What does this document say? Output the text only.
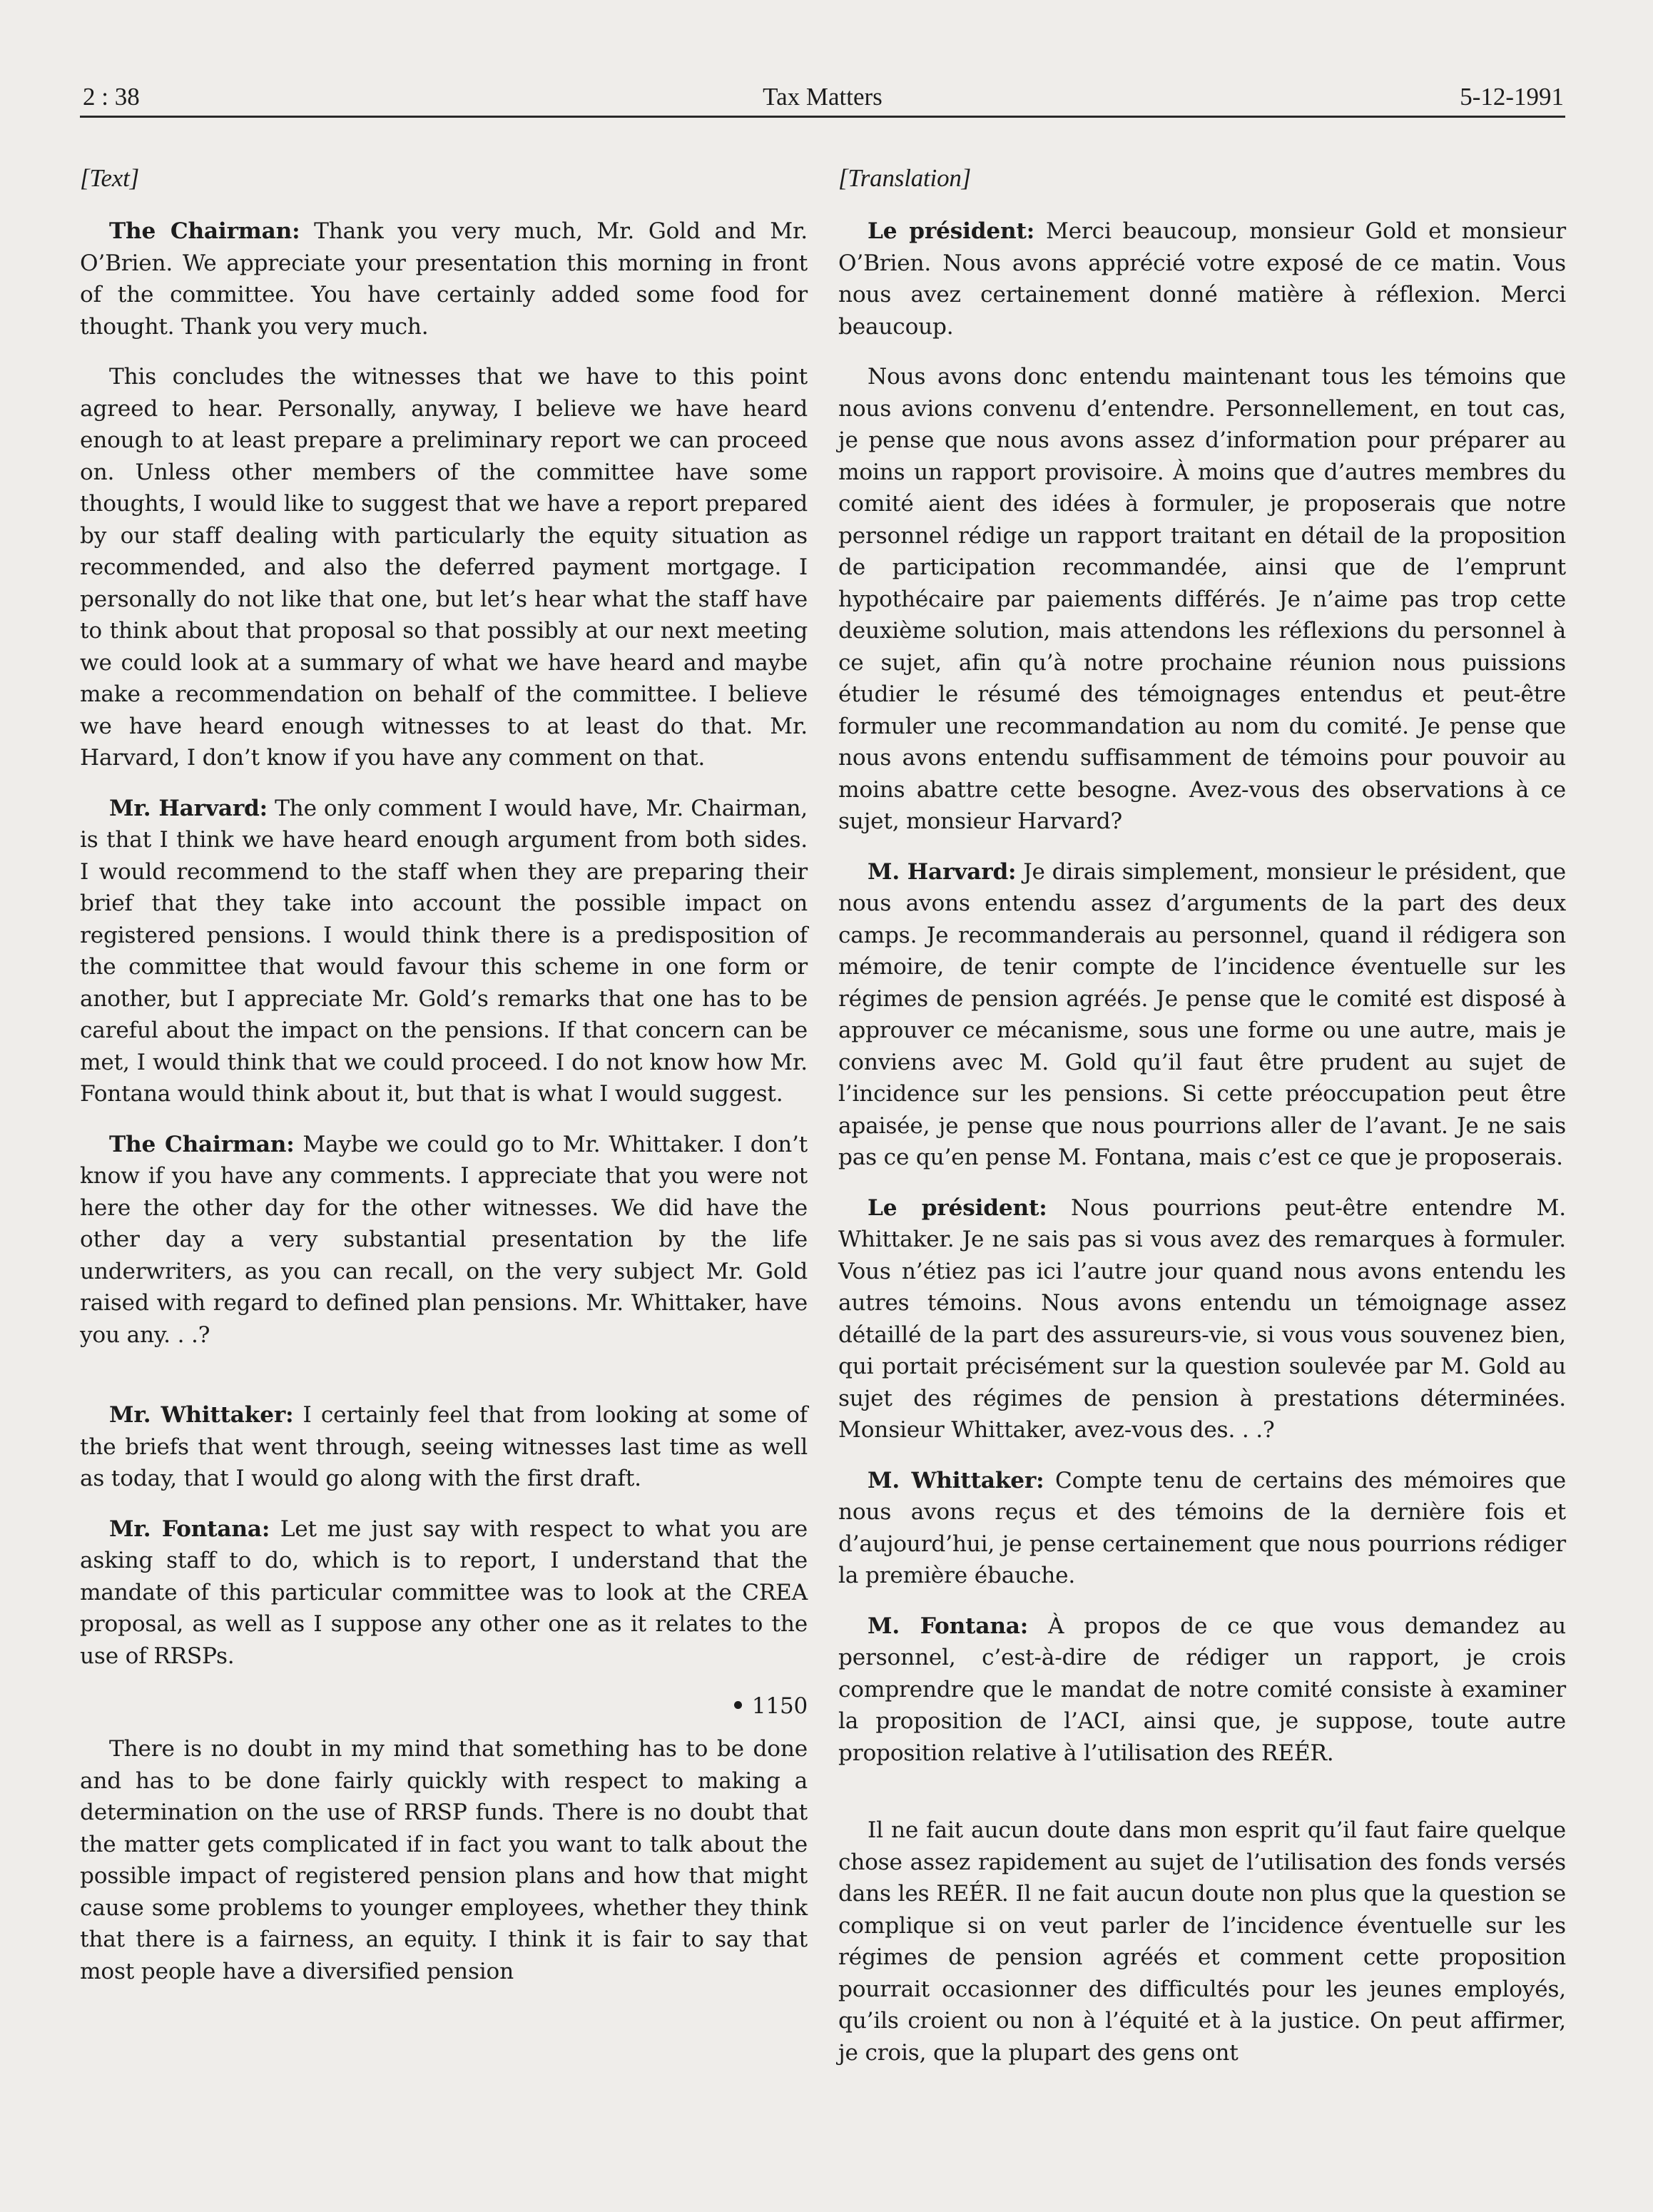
2 : 38	Tax Matters	5-12-1991
[Text]

The Chairman: Thank you very much, Mr. Gold and Mr. O’Brien. We appreciate your presentation this morning in front of the committee. You have certainly added some food for thought. Thank you very much.

This concludes the witnesses that we have to this point agreed to hear. Personally, anyway, I believe we have heard enough to at least prepare a preliminary report we can proceed on. Unless other members of the committee have some thoughts, I would like to suggest that we have a report prepared by our staff dealing with particularly the equity situation as recommended, and also the deferred payment mortgage. I personally do not like that one, but let’s hear what the staff have to think about that proposal so that possibly at our next meeting we could look at a summary of what we have heard and maybe make a recommendation on behalf of the committee. I believe we have heard enough witnesses to at least do that. Mr. Harvard, I don’t know if you have any comment on that.

Mr. Harvard: The only comment I would have, Mr. Chairman, is that I think we have heard enough argument from both sides. I would recommend to the staff when they are preparing their brief that they take into account the possible impact on registered pensions. I would think there is a predisposition of the committee that would favour this scheme in one form or another, but I appreciate Mr. Gold’s remarks that one has to be careful about the impact on the pensions. If that concern can be met, I would think that we could proceed. I do not know how Mr. Fontana would think about it, but that is what I would suggest.

The Chairman: Maybe we could go to Mr. Whittaker. I don’t know if you have any comments. I appreciate that you were not here the other day for the other witnesses. We did have the other day a very substantial presentation by the life underwriters, as you can recall, on the very subject Mr. Gold raised with regard to defined plan pensions. Mr. Whittaker, have you any. . .?

Mr. Whittaker: I certainly feel that from looking at some of the briefs that went through, seeing witnesses last time as well as today, that I would go along with the first draft.

Mr. Fontana: Let me just say with respect to what you are asking staff to do, which is to report, I understand that the mandate of this particular committee was to look at the CREA proposal, as well as I suppose any other one as it relates to the use of RRSPs.

1150

There is no doubt in my mind that something has to be done and has to be done fairly quickly with respect to making a determination on the use of RRSP funds. There is no doubt that the matter gets complicated if in fact you want to talk about the possible impact of registered pension plans and how that might cause some problems to younger employees, whether they think that there is a fairness, an equity. I think it is fair to say that most people have a diversified pension

[Translation]

Le président: Merci beaucoup, monsieur Gold et monsieur O’Brien. Nous avons apprécié votre exposé de ce matin. Vous nous avez certainement donné matière à réflexion. Merci beaucoup.

Nous avons donc entendu maintenant tous les témoins que nous avions convenu d’entendre. Personnellement, en tout cas, je pense que nous avons assez d’information pour préparer au moins un rapport provisoire. À moins que d’autres membres du comité aient des idées à formuler, je proposerais que notre personnel rédige un rapport traitant en détail de la proposition de participation recommandée, ainsi que de l’emprunt hypothécaire par paiements différés. Je n’aime pas trop cette deuxième solution, mais attendons les réflexions du personnel à ce sujet, afin qu’à notre prochaine réunion nous puissions étudier le résumé des témoignages entendus et peut-être formuler une recommandation au nom du comité. Je pense que nous avons entendu suffisamment de témoins pour pouvoir au moins abattre cette besogne. Avez-vous des observations à ce sujet, monsieur Harvard?

M. Harvard: Je dirais simplement, monsieur le président, que nous avons entendu assez d’arguments de la part des deux camps. Je recommanderais au personnel, quand il rédigera son mémoire, de tenir compte de l’incidence éventuelle sur les régimes de pension agréés. Je pense que le comité est disposé à approuver ce mécanisme, sous une forme ou une autre, mais je conviens avec M. Gold qu’il faut être prudent au sujet de l’incidence sur les pensions. Si cette préoccupation peut être apaisée, je pense que nous pourrions aller de l’avant. Je ne sais pas ce qu’en pense M. Fontana, mais c’est ce que je proposerais.

Le président: Nous pourrions peut-être entendre M. Whittaker. Je ne sais pas si vous avez des remarques à formuler. Vous n’étiez pas ici l’autre jour quand nous avons entendu les autres témoins. Nous avons entendu un témoignage assez détaillé de la part des assureurs-vie, si vous vous souvenez bien, qui portait précisément sur la question soulevée par M. Gold au sujet des régimes de pension à prestations déterminées. Monsieur Whittaker, avez-vous des. . .?

M. Whittaker: Compte tenu de certains des mémoires que nous avons reçus et des témoins de la dernière fois et d’aujourd’hui, je pense certainement que nous pourrions rédiger la première ébauche.

M. Fontana: À propos de ce que vous demandez au personnel, c’est-à-dire de rédiger un rapport, je crois comprendre que le mandat de notre comité consiste à examiner la proposition de l’ACI, ainsi que, je suppose, toute autre proposition relative à l’utilisation des REÉR.

Il ne fait aucun doute dans mon esprit qu’il faut faire quelque chose assez rapidement au sujet de l’utilisation des fonds versés dans les REÉR. Il ne fait aucun doute non plus que la question se complique si on veut parler de l’incidence éventuelle sur les régimes de pension agréés et comment cette proposition pourrait occasionner des difficultés pour les jeunes employés, qu’ils croient ou non à l’équité et à la justice. On peut affirmer, je crois, que la plupart des gens ont
